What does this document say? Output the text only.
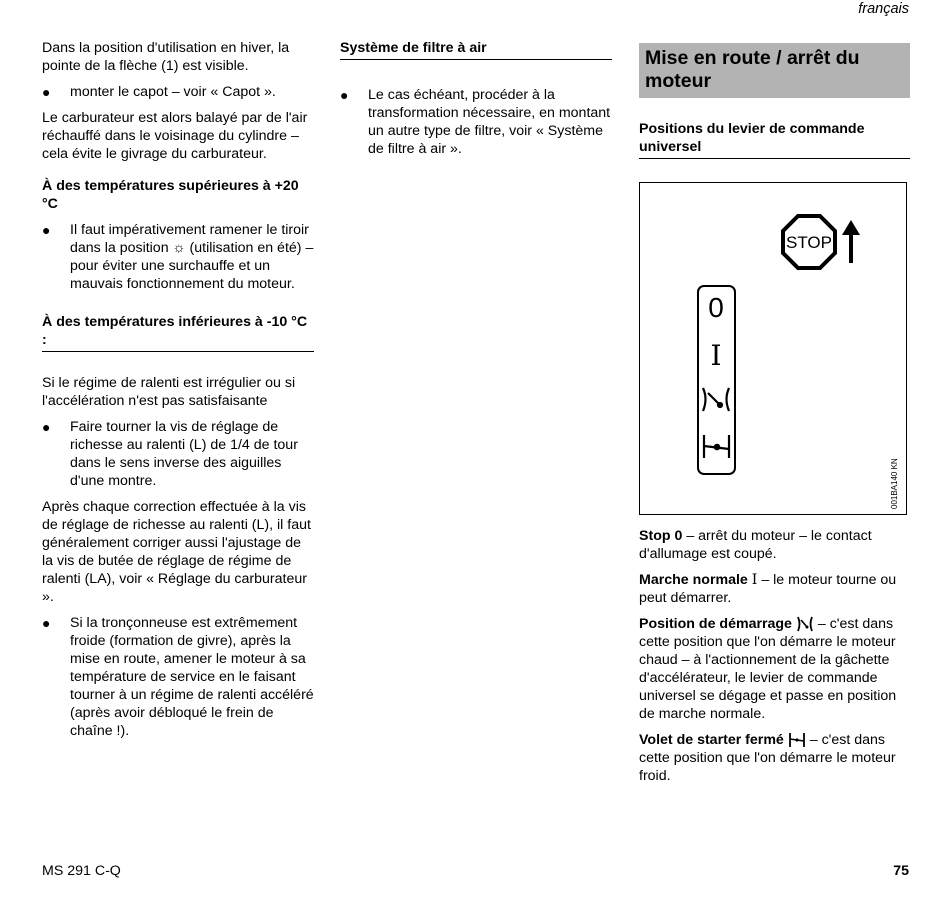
français

Dans la position d'utilisation en hiver, la pointe de la flèche (1) est visible.

● monter le capot – voir « Capot ».

Le carburateur est alors balayé par de l'air réchauffé dans le voisinage du cylindre – cela évite le givrage du carburateur.

À des températures supérieures à +20 °C
● Il faut impérativement ramener le tiroir dans la position ☼ (utilisation en été) – pour éviter une surchauffe et un mauvais fonctionnement du moteur.
À des températures inférieures à -10 °C :

Si le régime de ralenti est irrégulier ou si l'accélération n'est pas satisfaisante

● Faire tourner la vis de réglage de richesse au ralenti (L) de 1/4 de tour dans le sens inverse des aiguilles d'une montre.

Après chaque correction effectuée à la vis de réglage de richesse au ralenti (L), il faut généralement corriger aussi l'ajustage de la vis de butée de réglage de régime de ralenti (LA), voir « Réglage du carburateur ».

● Si la tronçonneuse est extrêmement froide (formation de givre), après la mise en route, amener le moteur à sa température de service en le faisant tourner à un régime de ralenti accéléré (après avoir débloqué le frein de chaîne !).
Système de filtre à air
● Le cas échéant, procéder à la transformation nécessaire, en montant un autre type de filtre, voir « Système de filtre à air ».
Mise en route / arrêt du moteur
Positions du levier de commande universel
STOP
0
I
001BA140 KN

Stop 0 – arrêt du moteur – le contact d'allumage est coupé.

Marche normale I – le moteur tourne ou peut démarrer.

Position de démarrage – c'est dans cette position que l'on démarre le moteur chaud – à l'actionnement de la gâchette d'accélérateur, le levier de commande universel se dégage et passe en position de marche normale.

Volet de starter fermé – c'est dans cette position que l'on démarre le moteur froid.

MS 291 C-Q	75
